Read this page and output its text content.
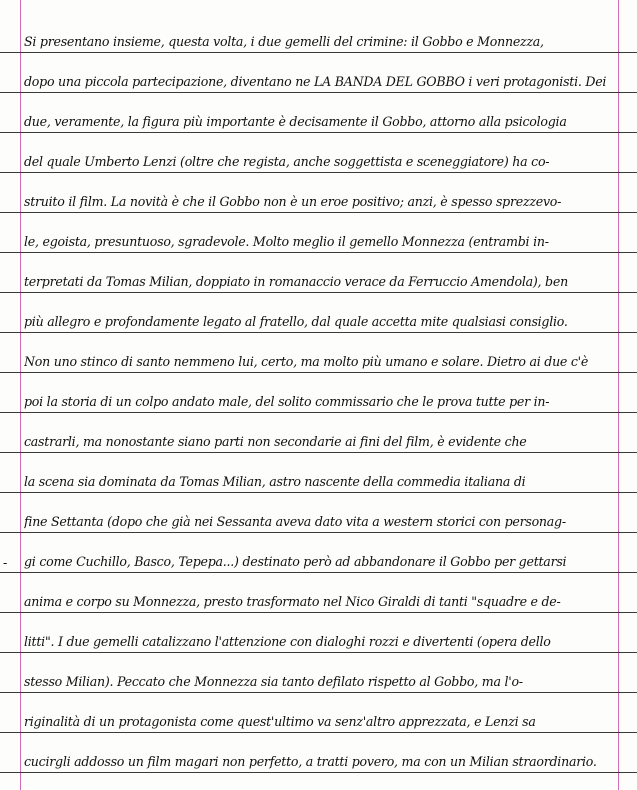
Si presentano insieme, questa volta, i due gemelli del crimine: il Gobbo e Monnezza,
dopo una piccola partecipazione, diventano ne LA BANDA DEL GOBBO i veri protagonisti. Dei
due, veramente, la figura più importante è decisamente il Gobbo, attorno alla psicologia
del quale Umberto Lenzi (oltre che regista, anche soggettista e sceneggiatore) ha co-
struito il film. La novità è che il Gobbo non è un eroe positivo; anzi, è spesso sprezzevo-
le, egoista, presuntuoso, sgradevole. Molto meglio il gemello Monnezza (entrambi in-
terpretati da Tomas Milian, doppiato in romanaccio verace da Ferruccio Amendola), ben
più allegro e profondamente legato al fratello, dal quale accetta mite qualsiasi consiglio.
Non uno stinco di santo nemmeno lui, certo, ma molto più umano e solare. Dietro ai due c'è
poi la storia di un colpo andato male, del solito commissario che le prova tutte per in-
castrarli, ma nonostante siano parti non secondarie ai fini del film, è evidente che
la scena sia dominata da Tomas Milian, astro nascente della commedia italiana di
fine Settanta (dopo che già nei Sessanta aveva dato vita a western storici con personag-
gi come Cuchillo, Basco, Tepepa...) destinato però ad abbandonare il Gobbo per gettarsi
anima e corpo su Monnezza, presto trasformato nel Nico Giraldi di tanti "squadre e de-
litti". I due gemelli catalizzano l'attenzione con dialoghi rozzi e divertenti (opera dello
stesso Milian). Peccato che Monnezza sia tanto defilato rispetto al Gobbo, ma l'o-
riginalità di un protagonista come quest'ultimo va senz'altro apprezzata, e Lenzi sa
cucirgli addosso un film magari non perfetto, a tratti povero, ma con un Milian straordinario.
-
